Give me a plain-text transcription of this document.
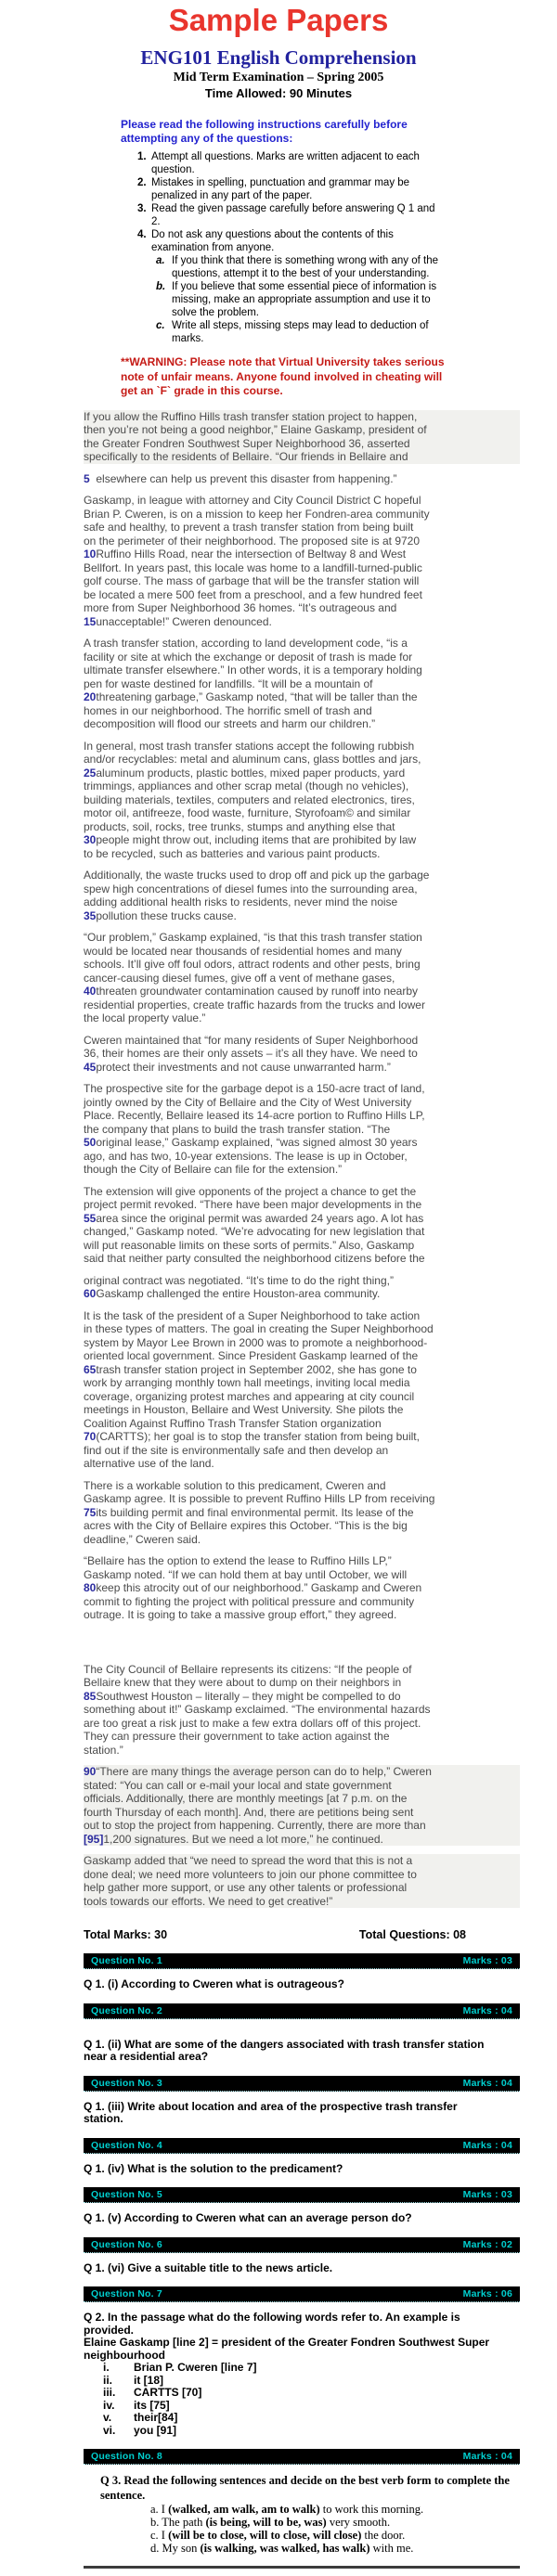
Sample Papers
ENG101 English Comprehension
Mid Term Examination – Spring 2005
Time Allowed: 90 Minutes
Please read the following instructions carefully before attempting any of the questions:
1. Attempt all questions. Marks are written adjacent to each question.
2. Mistakes in spelling, punctuation and grammar may be penalized in any part of the paper.
3. Read the given passage carefully before answering Q 1 and 2.
4. Do not ask any questions about the contents of this examination from anyone.
a. If you think that there is something wrong with any of the questions, attempt it to the best of your understanding.
b. If you believe that some essential piece of information is missing, make an appropriate assumption and use it to solve the problem.
c. Write all steps, missing steps may lead to deduction of marks.
**WARNING: Please note that Virtual University takes serious note of unfair means. Anyone found involved in cheating will get an `F` grade in this course.
If you allow the Ruffino Hills trash transfer station project to happen,
then you’re not being a good neighbor,” Elaine Gaskamp, president of
the Greater Fondren Southwest Super Neighborhood 36, asserted
specifically to the residents of Bellaire. “Our friends in Bellaire and
5  elsewhere can help us prevent this disaster from happening.”
Gaskamp, in league with attorney and City Council District C hopeful
Brian P. Cweren, is on a mission to keep her Fondren-area community
safe and healthy, to prevent a trash transfer station from being built
on the perimeter of their neighborhood. The proposed site is at 9720
10Ruffino Hills Road, near the intersection of Beltway 8 and West
Bellfort. In years past, this locale was home to a landfill-turned-public
golf course. The mass of garbage that will be the transfer station will
be located a mere 500 feet from a preschool, and a few hundred feet
more from Super Neighborhood 36 homes. “It’s outrageous and
15unacceptable!” Cweren denounced.
A trash transfer station, according to land development code, “is a
facility or site at which the exchange or deposit of trash is made for
ultimate transfer elsewhere.” In other words, it is a temporary holding
pen for waste destined for landfills. “It will be a mountain of
20threatening garbage,” Gaskamp noted, “that will be taller than the
homes in our neighborhood. The horrific smell of trash and
decomposition will flood our streets and harm our children.”
In general, most trash transfer stations accept the following rubbish
and/or recyclables: metal and aluminum cans, glass bottles and jars,
25aluminum products, plastic bottles, mixed paper products, yard
trimmings, appliances and other scrap metal (though no vehicles),
building materials, textiles, computers and related electronics, tires,
motor oil, antifreeze, food waste, furniture, Styrofoam© and similar
products, soil, rocks, tree trunks, stumps and anything else that
30people might throw out, including items that are prohibited by law
to be recycled, such as batteries and various paint products.
Additionally, the waste trucks used to drop off and pick up the garbage
spew high concentrations of diesel fumes into the surrounding area,
adding additional health risks to residents, never mind the noise
35pollution these trucks cause.
“Our problem,” Gaskamp explained, “is that this trash transfer station
would be located near thousands of residential homes and many
schools. It’ll give off foul odors, attract rodents and other pests, bring
cancer-causing diesel fumes, give off a vent of methane gases,
40threaten groundwater contamination caused by runoff into nearby
residential properties, create traffic hazards from the trucks and lower
the local property value.”
Cweren maintained that “for many residents of Super Neighborhood
36, their homes are their only assets – it’s all they have. We need to
45protect their investments and not cause unwarranted harm.”
The prospective site for the garbage depot is a 150-acre tract of land,
jointly owned by the City of Bellaire and the City of West University
Place. Recently, Bellaire leased its 14-acre portion to Ruffino Hills LP,
the company that plans to build the trash transfer station. “The
50original lease,” Gaskamp explained, “was signed almost 30 years
ago, and has two, 10-year extensions. The lease is up in October,
though the City of Bellaire can file for the extension.”
The extension will give opponents of the project a chance to get the
project permit revoked. “There have been major developments in the
55area since the original permit was awarded 24 years ago. A lot has
changed,” Gaskamp noted. “We’re advocating for new legislation that
will put reasonable limits on these sorts of permits.” Also, Gaskamp
said that neither party consulted the neighborhood citizens before the
original contract was negotiated. “It’s time to do the right thing,”
60Gaskamp challenged the entire Houston-area community.
It is the task of the president of a Super Neighborhood to take action
in these types of matters. The goal in creating the Super Neighborhood
system by Mayor Lee Brown in 2000 was to promote a neighborhood-
oriented local government. Since President Gaskamp learned of the
65trash transfer station project in September 2002, she has gone to
work by arranging monthly town hall meetings, inviting local media
coverage, organizing protest marches and appearing at city council
meetings in Houston, Bellaire and West University. She pilots the
Coalition Against Ruffino Trash Transfer Station organization
70(CARTTS); her goal is to stop the transfer station from being built,
find out if the site is environmentally safe and then develop an
alternative use of the land.
There is a workable solution to this predicament, Cweren and
Gaskamp agree. It is possible to prevent Ruffino Hills LP from receiving
75its building permit and final environmental permit. Its lease of the
acres with the City of Bellaire expires this October. “This is the big
deadline,” Cweren said.
“Bellaire has the option to extend the lease to Ruffino Hills LP,”
Gaskamp noted. “If we can hold them at bay until October, we will
80keep this atrocity out of our neighborhood.” Gaskamp and Cweren
commit to fighting the project with political pressure and community
outrage. It is going to take a massive group effort,” they agreed.
The City Council of Bellaire represents its citizens: “If the people of
Bellaire knew that they were about to dump on their neighbors in
85Southwest Houston – literally – they might be compelled to do
something about it!” Gaskamp exclaimed. “The environmental hazards
are too great a risk just to make a few extra dollars off of this project.
They can pressure their government to take action against the
station.”
90“There are many things the average person can do to help,” Cweren
stated: “You can call or e-mail your local and state government
officials. Additionally, there are monthly meetings [at 7 p.m. on the
fourth Thursday of each month]. And, there are petitions being sent
out to stop the project from happening. Currently, there are more than
[95]1,200 signatures. But we need a lot more,” he continued.
Gaskamp added that “we need to spread the word that this is not a
done deal; we need more volunteers to join our phone committee to
help gather more support, or use any other talents or professional
tools towards our efforts. We need to get creative!”
Total Marks: 30	Total Questions: 08
Question No. 1	Marks : 03
Q 1. (i) According to Cweren what is outrageous?
Question No. 2	Marks : 04
Q 1. (ii) What are some of the dangers associated with trash transfer station near a residential area?
Question No. 3	Marks : 04
Q 1. (iii) Write about location and area of the prospective trash transfer station.
Question No. 4	Marks : 04
Q 1. (iv) What is the solution to the predicament?
Question No. 5	Marks : 03
Q 1. (v) According to Cweren what can an average person do?
Question No. 6	Marks : 02
Q 1. (vi) Give a suitable title to the news article.
Question No. 7	Marks : 06
Q 2. In the passage what do the following words refer to. An example is provided.
Elaine Gaskamp [line 2] = president of the Greater Fondren Southwest Super neighbourhood
i.	Brian P. Cweren [line 7]
ii.	it [18]
iii.	CARTTS [70]
iv.	its [75]
v.	their[84]
vi.	you [91]
Question No. 8	Marks : 04
Q 3. Read the following sentences and decide on the best verb form to complete the sentence.
a. I (walked, am walk, am to walk) to work this morning.
b. The path (is being, will to be, was) very smooth.
c. I (will be to close, will to close, will close) the door.
d. My son (is walking, was walked, has walk) with me.
